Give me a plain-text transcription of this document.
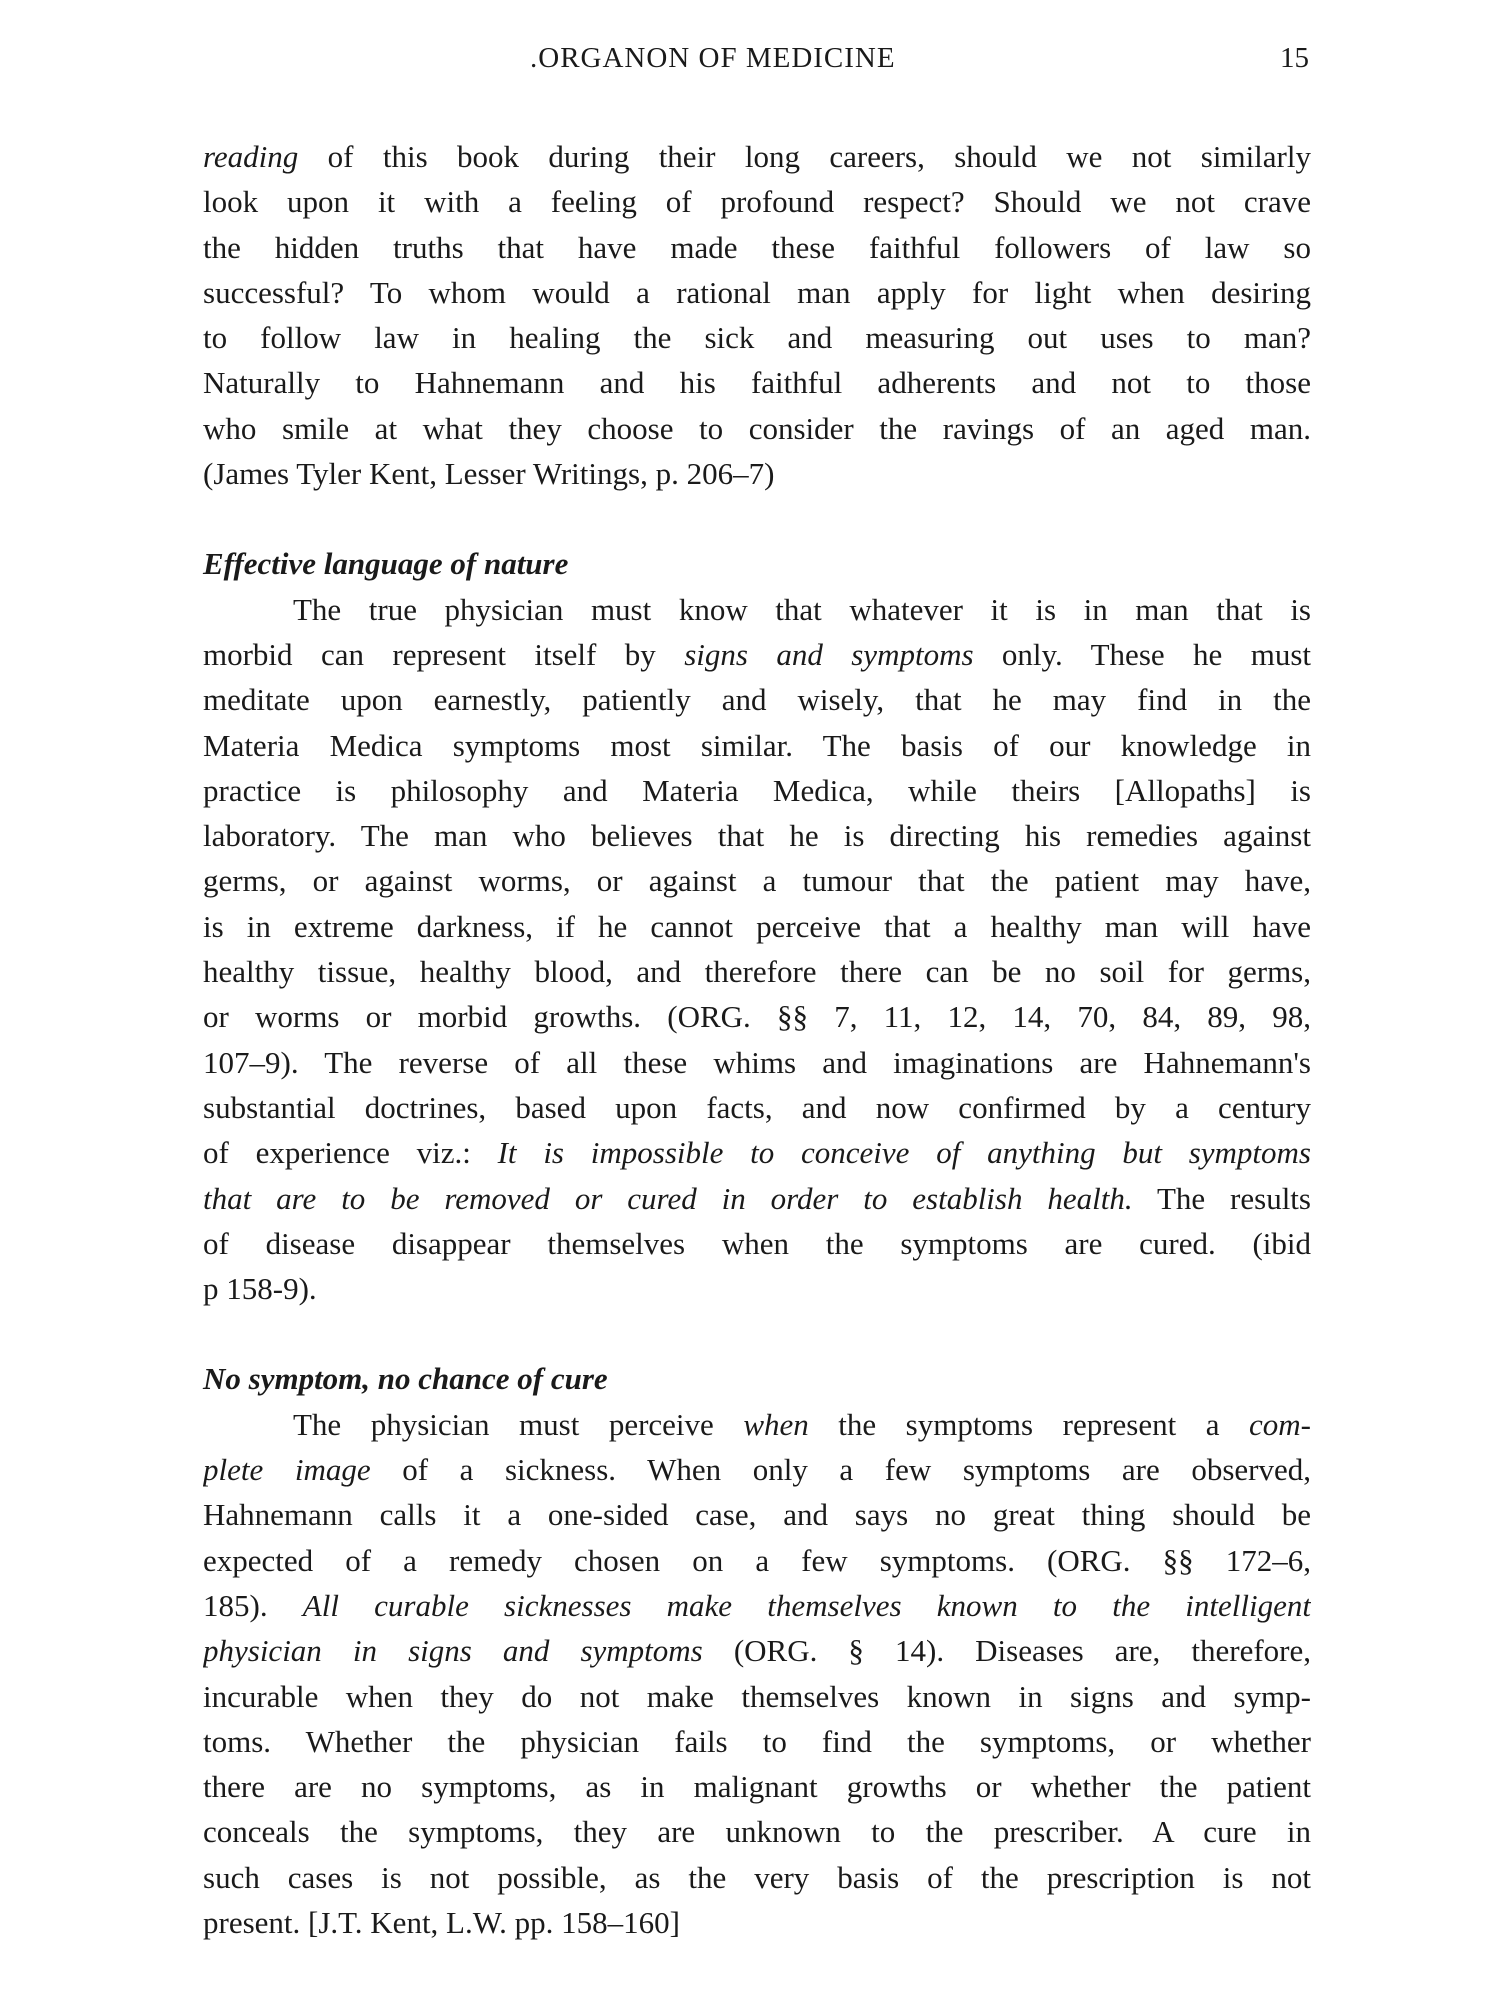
.ORGANON OF MEDICINE	15
reading of this book during their long careers, should we not similarly
look upon it with a feeling of profound respect? Should we not crave
the hidden truths that have made these faithful followers of law so
successful? To whom would a rational man apply for light when desiring
to follow law in healing the sick and measuring out uses to man?
Naturally to Hahnemann and his faithful adherents and not to those
who smile at what they choose to consider the ravings of an aged man.
(James Tyler Kent, Lesser Writings, p. 206–7)
Effective language of nature
The true physician must know that whatever it is in man that is
morbid can represent itself by signs and symptoms only. These he must
meditate upon earnestly, patiently and wisely, that he may find in the
Materia Medica symptoms most similar. The basis of our knowledge in
practice is philosophy and Materia Medica, while theirs [Allopaths] is
laboratory. The man who believes that he is directing his remedies against
germs, or against worms, or against a tumour that the patient may have,
is in extreme darkness, if he cannot perceive that a healthy man will have
healthy tissue, healthy blood, and therefore there can be no soil for germs,
or worms or morbid growths. (ORG. §§ 7, 11, 12, 14, 70, 84, 89, 98,
107–9). The reverse of all these whims and imaginations are Hahnemann's
substantial doctrines, based upon facts, and now confirmed by a century
of experience viz.: It is impossible to conceive of anything but symptoms
that are to be removed or cured in order to establish health. The results
of disease disappear themselves when the symptoms are cured. (ibid
p 158-9).
No symptom, no chance of cure
The physician must perceive when the symptoms represent a com-
plete image of a sickness. When only a few symptoms are observed,
Hahnemann calls it a one-sided case, and says no great thing should be
expected of a remedy chosen on a few symptoms. (ORG. §§ 172–6,
185). All curable sicknesses make themselves known to the intelligent
physician in signs and symptoms (ORG. § 14). Diseases are, therefore,
incurable when they do not make themselves known in signs and symp-
toms. Whether the physician fails to find the symptoms, or whether
there are no symptoms, as in malignant growths or whether the patient
conceals the symptoms, they are unknown to the prescriber. A cure in
such cases is not possible, as the very basis of the prescription is not
present. [J.T. Kent, L.W. pp. 158–160]
